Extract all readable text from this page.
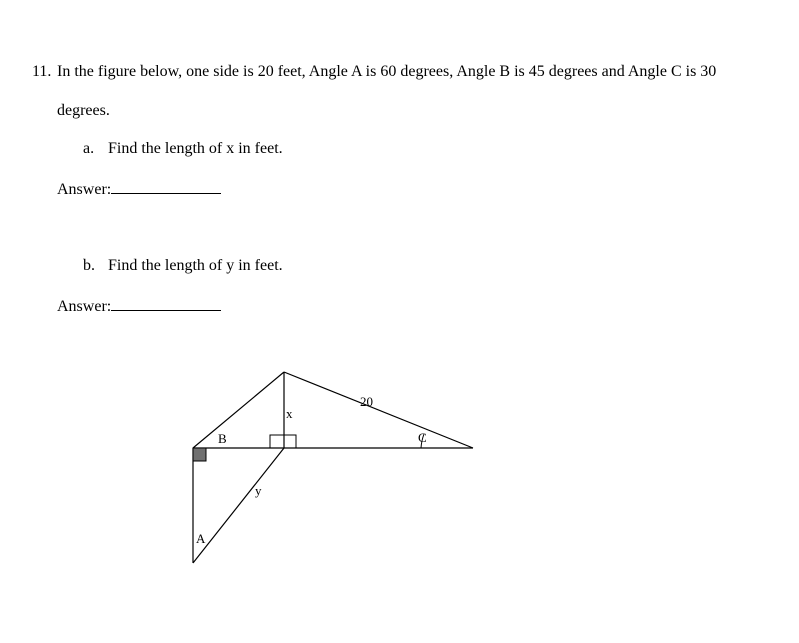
11. In the figure below, one side is 20 feet, Angle A is 60 degrees, Angle B is 45 degrees and Angle C is 30
degrees.
a. Find the length of x in feet.
Answer:
b. Find the length of y in feet.
Answer:
20
x
B	C
y
A
